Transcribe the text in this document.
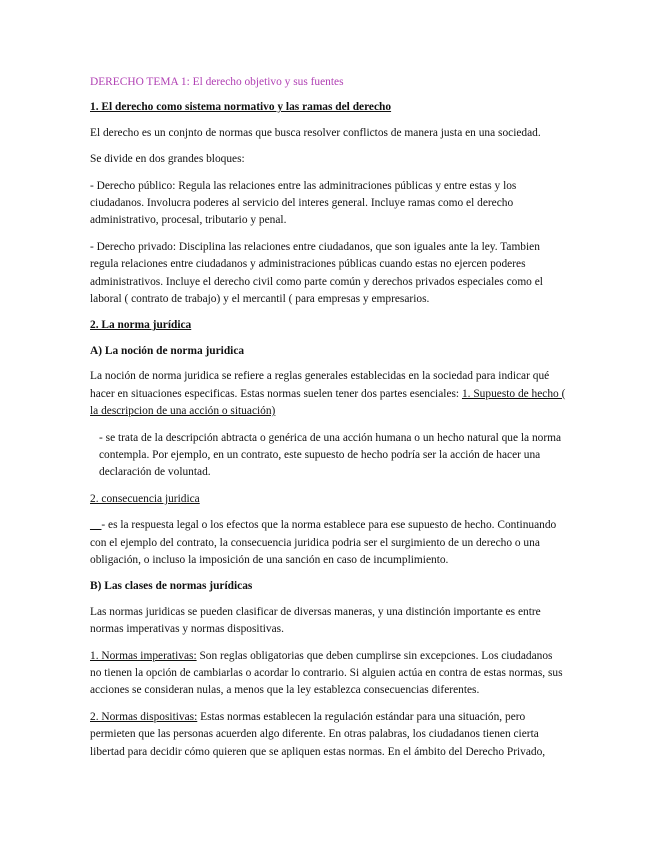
DERECHO TEMA 1: El derecho objetivo y sus fuentes

1. El derecho como sistema normativo y las ramas del derecho

El derecho es un conjnto de normas que busca resolver conflictos de manera justa en una sociedad.

Se divide en dos grandes bloques:

- Derecho público: Regula las relaciones entre las adminitraciones públicas y entre estas y los ciudadanos. Involucra poderes al servicio del interes general. Incluye ramas como el derecho administrativo, procesal, tributario y penal.

- Derecho privado: Disciplina las relaciones entre ciudadanos, que son iguales ante la ley. Tambien regula relaciones entre ciudadanos y administraciones públicas cuando estas no ejercen poderes administrativos. Incluye el derecho civil como parte común y derechos privados especiales como el laboral ( contrato de trabajo) y el mercantil ( para empresas y empresarios.

2. La norma jurídica

A) La noción de norma juridica

La noción de norma juridica se refiere a reglas generales establecidas en la sociedad para indicar qué hacer en situaciones especificas. Estas normas suelen tener dos partes esenciales: 1. Supuesto de hecho ( la descripcion de una acción o situación)

- se trata de la descripción abtracta o genérica de una acción humana o un hecho natural que la norma contempla. Por ejemplo, en un contrato, este supuesto de hecho podría ser la acción de hacer una declaración de voluntad.

2. consecuencia juridica

__- es la respuesta legal o los efectos que la norma establece para ese supuesto de hecho. Continuando con el ejemplo del contrato, la consecuencia juridica podria ser el surgimiento de un derecho o una obligación, o incluso la imposición de una sanción en caso de incumplimiento.

B) Las clases de normas jurídicas

Las normas juridicas se pueden clasificar de diversas maneras, y una distinción importante es entre normas imperativas y normas dispositivas.

1. Normas imperativas: Son reglas obligatorias que deben cumplirse sin excepciones. Los ciudadanos no tienen la opción de cambiarlas o acordar lo contrario. Si alguien actúa en contra de estas normas, sus acciones se consideran nulas, a menos que la ley establezca consecuencias diferentes.

2. Normas dispositivas: Estas normas establecen la regulación estándar para una situación, pero permieten que las personas acuerden algo diferente. En otras palabras, los ciudadanos tienen cierta libertad para decidir cómo quieren que se apliquen estas normas. En el ámbito del Derecho Privado,
